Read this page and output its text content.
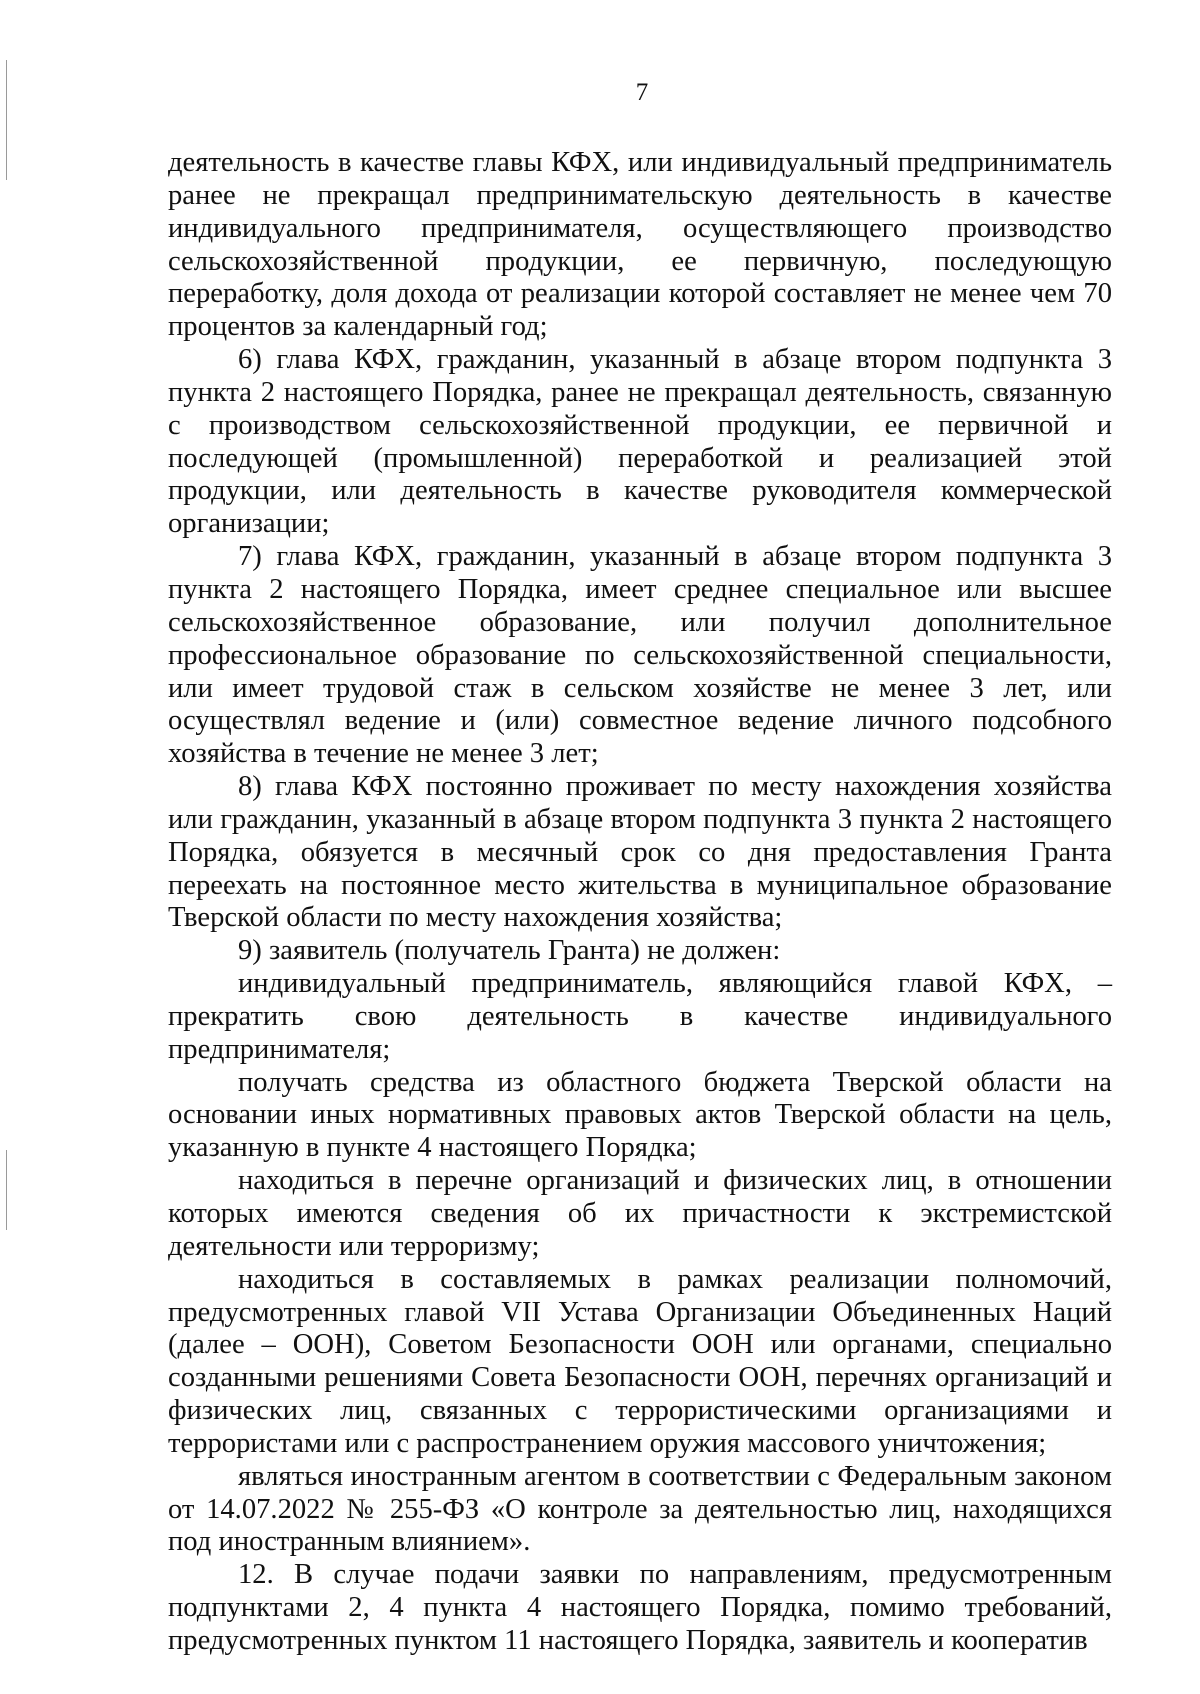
7

деятельность в качестве главы КФХ, или индивидуальный предприниматель ранее не прекращал предпринимательскую деятельность в качестве индивидуального предпринимателя, осуществляющего производство сельскохозяйственной продукции, ее первичную, последующую переработку, доля дохода от реализации которой составляет не менее чем 70 процентов за календарный год;

6) глава КФХ, гражданин, указанный в абзаце втором подпункта 3 пункта 2 настоящего Порядка, ранее не прекращал деятельность, связанную с производством сельскохозяйственной продукции, ее первичной и последующей (промышленной) переработкой и реализацией этой продукции, или деятельность в качестве руководителя коммерческой организации;

7) глава КФХ, гражданин, указанный в абзаце втором подпункта 3 пункта 2 настоящего Порядка, имеет среднее специальное или высшее сельскохозяйственное образование, или получил дополнительное профессиональное образование по сельскохозяйственной специальности, или имеет трудовой стаж в сельском хозяйстве не менее 3 лет, или осуществлял ведение и (или) совместное ведение личного подсобного хозяйства в течение не менее 3 лет;

8) глава КФХ постоянно проживает по месту нахождения хозяйства или гражданин, указанный в абзаце втором подпункта 3 пункта 2 настоящего Порядка, обязуется в месячный срок со дня предоставления Гранта переехать на постоянное место жительства в муниципальное образование Тверской области по месту нахождения хозяйства;

9) заявитель (получатель Гранта) не должен:

индивидуальный предприниматель, являющийся главой КФХ, – прекратить свою деятельность в качестве индивидуального предпринимателя;

получать средства из областного бюджета Тверской области на основании иных нормативных правовых актов Тверской области на цель, указанную в пункте 4 настоящего Порядка;

находиться в перечне организаций и физических лиц, в отношении которых имеются сведения об их причастности к экстремистской деятельности или терроризму;

находиться в составляемых в рамках реализации полномочий, предусмотренных главой VII Устава Организации Объединенных Наций (далее – ООН), Советом Безопасности ООН или органами, специально созданными решениями Совета Безопасности ООН, перечнях организаций и физических лиц, связанных с террористическими организациями и террористами или с распространением оружия массового уничтожения;

являться иностранным агентом в соответствии с Федеральным законом от 14.07.2022 № 255-ФЗ «О контроле за деятельностью лиц, находящихся под иностранным влиянием».

12. В случае подачи заявки по направлениям, предусмотренным подпунктами 2, 4 пункта 4 настоящего Порядка, помимо требований, предусмотренных пунктом 11 настоящего Порядка, заявитель и кооператив
